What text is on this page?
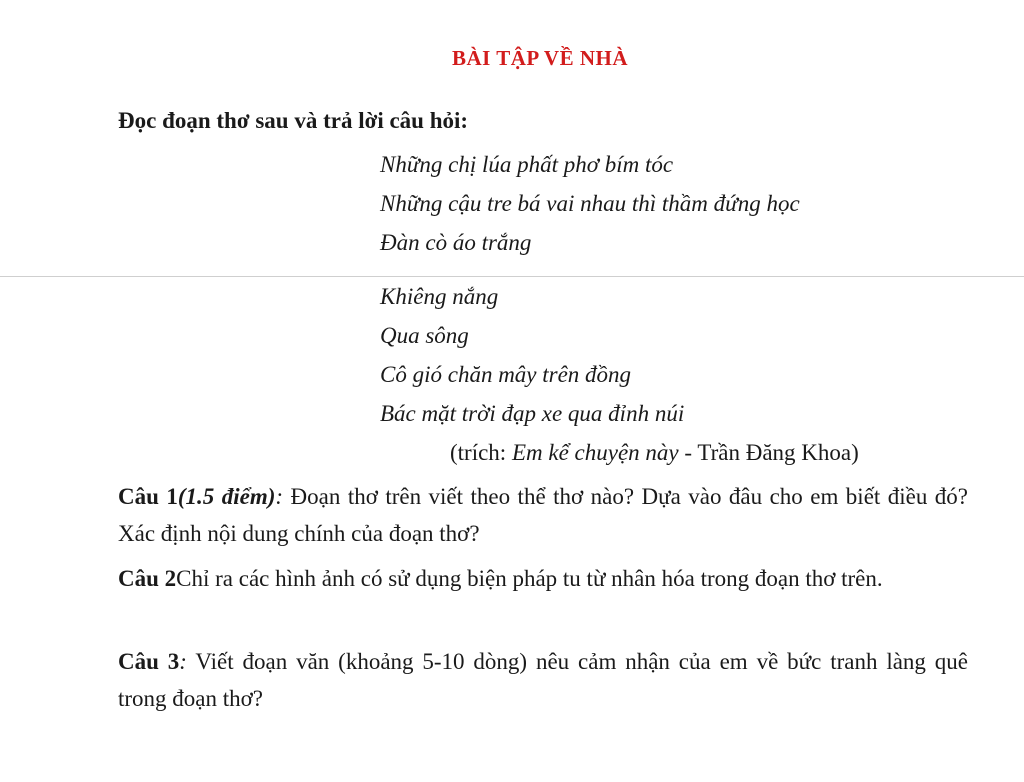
BÀI TẬP VỀ NHÀ
Đọc đoạn thơ sau và trả lời câu hỏi:
Những chị lúa phất phơ bím tóc
Những cậu tre bá vai nhau thì thầm đứng học
Đàn cò áo trắng
Khiêng nắng
Qua sông
Cô gió chăn mây trên đồng
Bác mặt trời đạp xe qua đỉnh núi
(trích: Em kể chuyện này - Trần Đăng Khoa)
Câu 1(1.5 điểm): Đoạn thơ trên viết theo thể thơ nào? Dựa vào đâu cho em biết điều đó? Xác định nội dung chính của đoạn thơ?
Câu 2Chỉ ra các hình ảnh có sử dụng biện pháp tu từ nhân hóa trong đoạn thơ trên.
Câu 3: Viết đoạn văn (khoảng 5-10 dòng) nêu cảm nhận của em về bức tranh làng quê trong đoạn thơ?
